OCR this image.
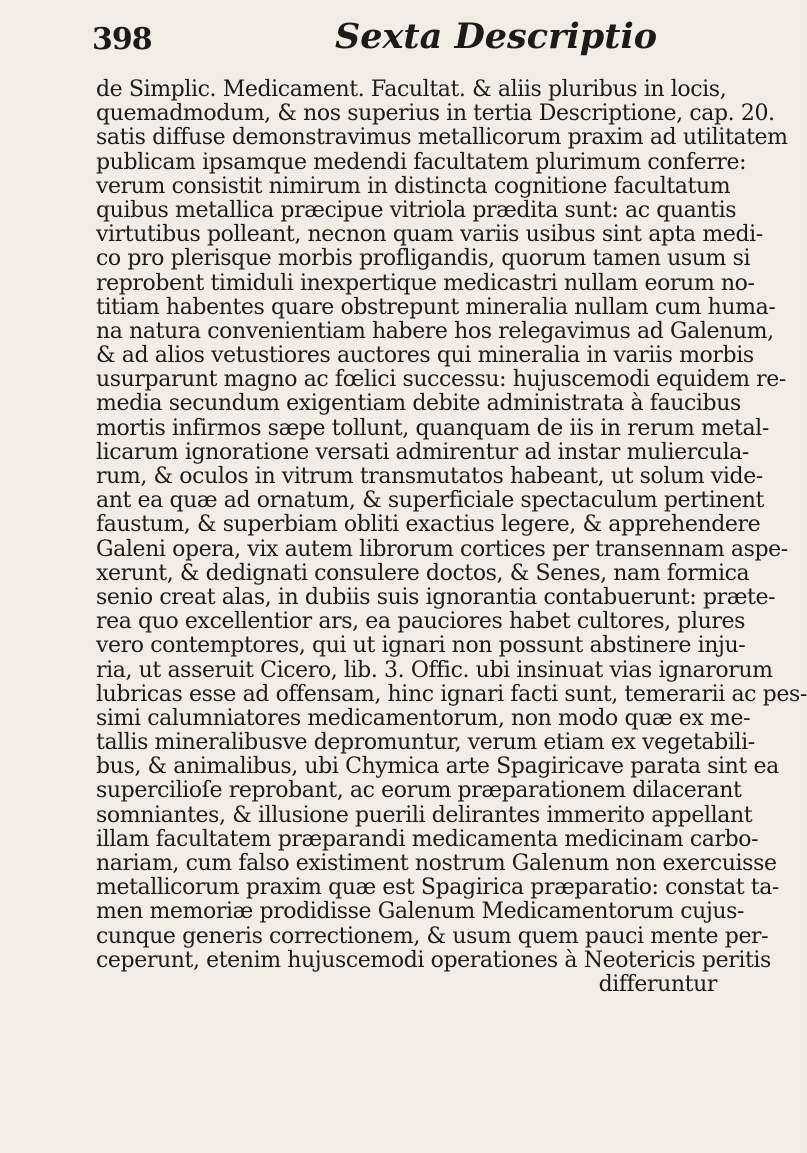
398	Sexta Descriptio
de Simplic. Medicament. Facultat. & aliis pluribus in locis,
quemadmodum, & nos superius in tertia Descriptione, cap. 20.
satis diffuse demonstravimus metallicorum praxim ad utilitatem
publicam ipsamque medendi facultatem plurimum conferre:
verum consistit nimirum in distincta cognitione facultatum
quibus metallica præcipue vitriola prædita sunt: ac quantis
virtutibus polleant, necnon quam variis usibus sint apta medi-
co pro plerisque morbis profligandis, quorum tamen usum si
reprobent timiduli inexpertique medicastri nullam eorum no-
titiam habentes quare obstrepunt mineralia nullam cum huma-
na natura convenientiam habere hos relegavimus ad Galenum,
& ad alios vetustiores auctores qui mineralia in variis morbis
usurparunt magno ac fœlici successu: hujuscemodi equidem re-
media secundum exigentiam debite administrata à faucibus
mortis infirmos sæpe tollunt, quanquam de iis in rerum metal-
licarum ignoratione versati admirentur ad instar muliercula-
rum, & oculos in vitrum transmutatos habeant, ut solum vide-
ant ea quæ ad ornatum, & superficiale spectaculum pertinent
faustum, & superbiam obliti exactius legere, & apprehendere
Galeni opera, vix autem librorum cortices per transennam aspe-
xerunt, & dedignati consulere doctos, & Senes, nam formica
senio creat alas, in dubiis suis ignorantia contabuerunt: præte-
rea quo excellentior ars, ea pauciores habet cultores, plures
vero contemptores, qui ut ignari non possunt abstinere inju-
ria, ut asseruit Cicero, lib. 3. Offic. ubi insinuat vias ignarorum
lubricas esse ad offensam, hinc ignari facti sunt, temerarii ac pes-
simi calumniatores medicamentorum, non modo quæ ex me-
tallis mineralibusve depromuntur, verum etiam ex vegetabili-
bus, & animalibus, ubi Chymica arte Spagiricave parata sint ea
supercilioſe reprobant, ac eorum præparationem dilacerant
somniantes, & illusione puerili delirantes immerito appellant
illam facultatem præparandi medicamenta medicinam carbo-
nariam, cum falso existiment nostrum Galenum non exercuisse
metallicorum praxim quæ est Spagirica præparatio: constat ta-
men memoriæ prodidisse Galenum Medicamentorum cujus-
cunque generis correctionem, & usum quem pauci mente per-
ceperunt, etenim hujuscemodi operationes à Neotericis peritis
differuntur
